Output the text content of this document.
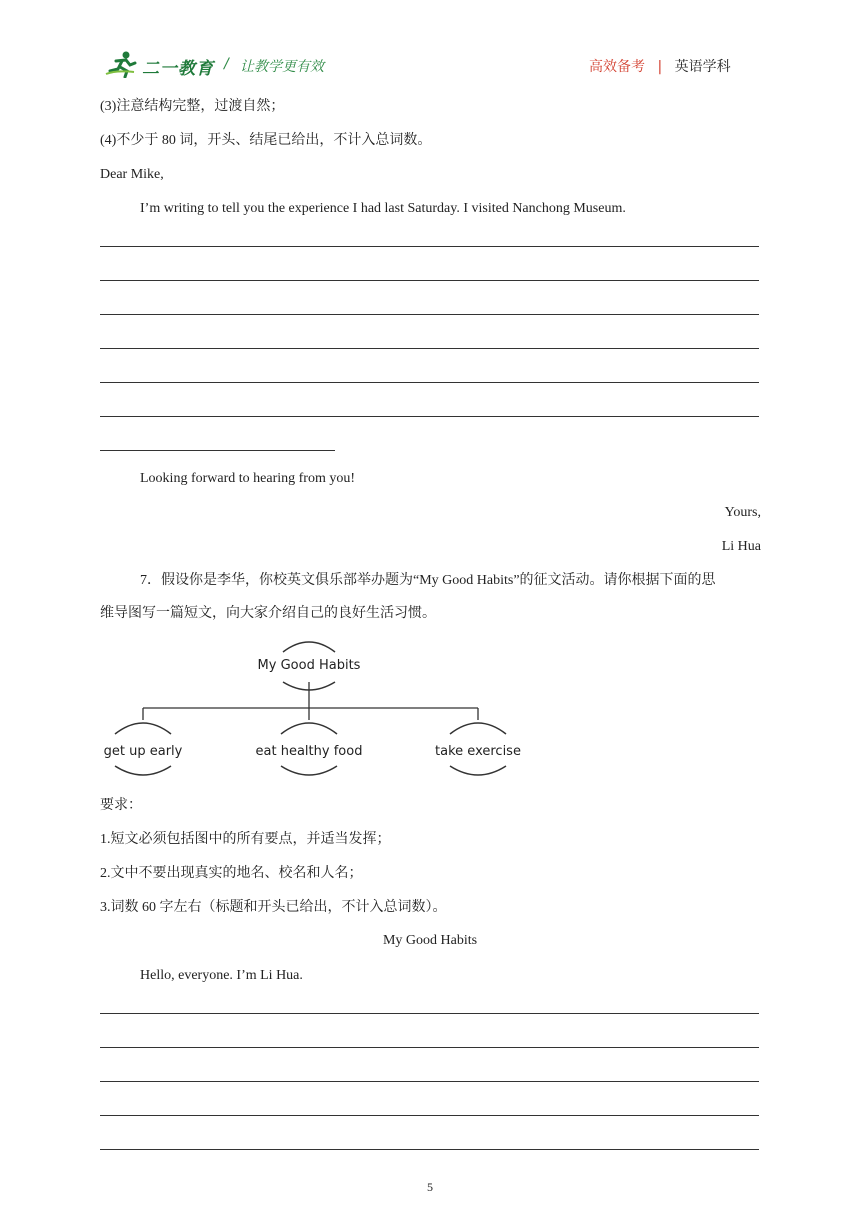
二一教育 / 让教学更有效	高效备考 | 英语学科
(3)注意结构完整，过渡自然；
(4)不少于 80 词，开头、结尾已给出，不计入总词数。
Dear Mike,
I’m writing to tell you the experience I had last Saturday. I visited Nanchong Museum.
Looking forward to hearing from you!
Yours,
Li Hua
7．假设你是李华，你校英文俱乐部举办题为“My Good Habits”的征文活动。请你根据下面的思
维导图写一篇短文，向大家介绍自己的良好生活习惯。
My Good Habits
get up early	eat healthy food	take exercise
要求：
1.短文必须包括图中的所有要点，并适当发挥；
2.文中不要出现真实的地名、校名和人名；
3.词数 60 字左右（标题和开头已给出，不计入总词数）。
My Good Habits
Hello, everyone. I’m Li Hua.
5
